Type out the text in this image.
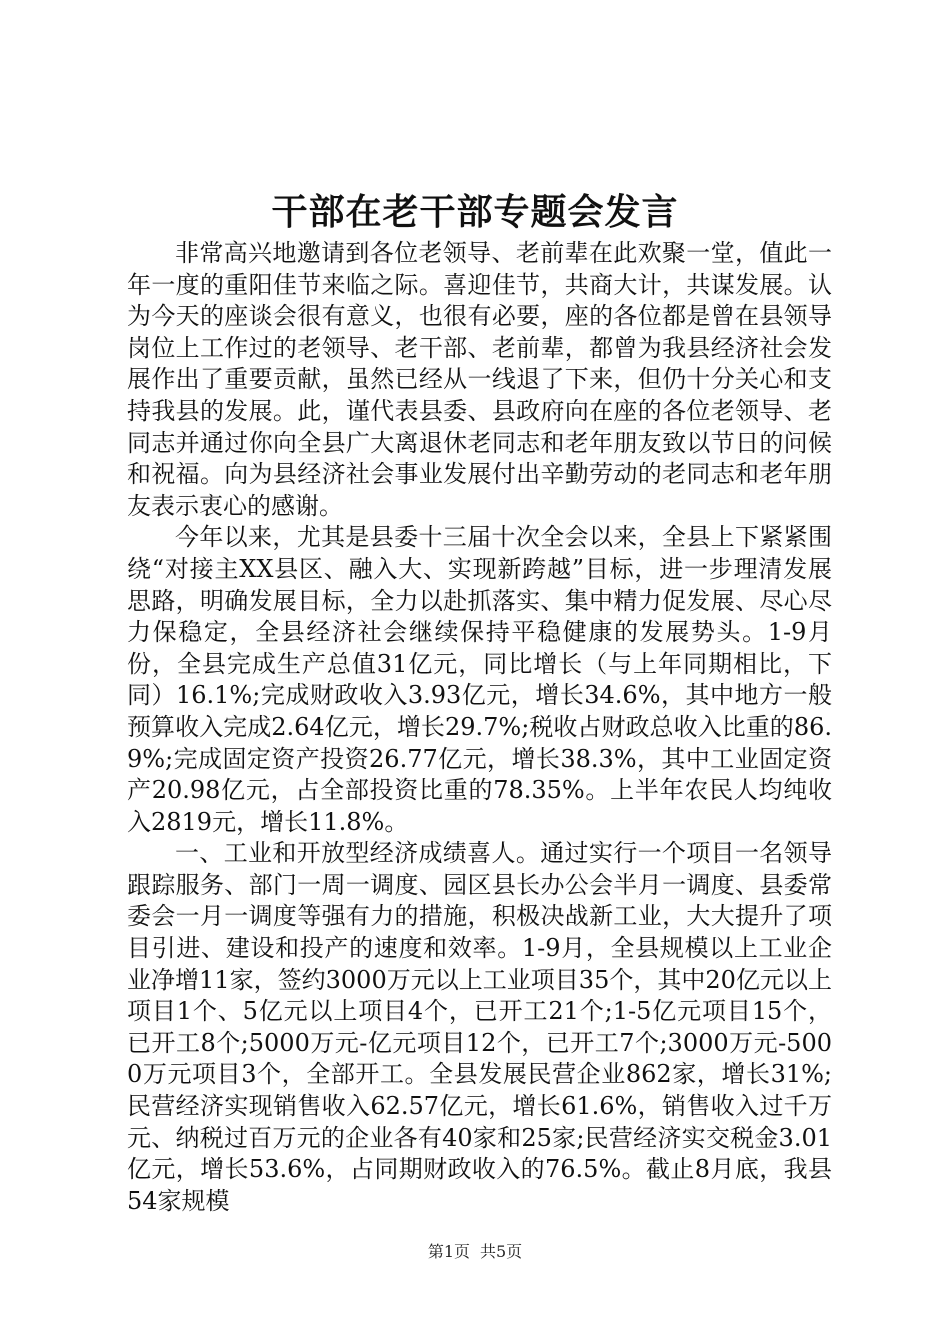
干部在老干部专题会发言

非常高兴地邀请到各位老领导、老前辈在此欢聚一堂，值此一年一度的重阳佳节来临之际。喜迎佳节，共商大计，共谋发展。认为今天的座谈会很有意义，也很有必要，座的各位都是曾在县领导岗位上工作过的老领导、老干部、老前辈，都曾为我县经济社会发展作出了重要贡献，虽然已经从一线退了下来，但仍十分关心和支持我县的发展。此，谨代表县委、县政府向在座的各位老领导、老同志并通过你向全县广大离退休老同志和老年朋友致以节日的问候和祝福。向为县经济社会事业发展付出辛勤劳动的老同志和老年朋友表示衷心的感谢。

今年以来，尤其是县委十三届十次全会以来，全县上下紧紧围绕“对接主XX县区、融入大、实现新跨越”目标，进一步理清发展思路，明确发展目标，全力以赴抓落实、集中精力促发展、尽心尽力保稳定，全县经济社会继续保持平稳健康的发展势头。1-9月份，全县完成生产总值31亿元，同比增长（与上年同期相比，下同）16.1%;完成财政收入3.93亿元，增长34.6%，其中地方一般预算收入完成2.64亿元，增长29.7%;税收占财政总收入比重的86.9%;完成固定资产投资26.77亿元，增长38.3%，其中工业固定资产20.98亿元，占全部投资比重的78.35%。上半年农民人均纯收入2819元，增长11.8%。

一、工业和开放型经济成绩喜人。通过实行一个项目一名领导跟踪服务、部门一周一调度、园区县长办公会半月一调度、县委常委会一月一调度等强有力的措施，积极决战新工业，大大提升了项目引进、建设和投产的速度和效率。1-9月，全县规模以上工业企业净增11家，签约3000万元以上工业项目35个，其中20亿元以上项目1个、5亿元以上项目4个，已开工21个;1-5亿元项目15个，已开工8个;5000万元-亿元项目12个，已开工7个;3000万元-5000万元项目3个，全部开工。全县发展民营企业862家，增长31%;民营经济实现销售收入62.57亿元，增长61.6%，销售收入过千万元、纳税过百万元的企业各有40家和25家;民营经济实交税金3.01亿元，增长53.6%，占同期财政收入的76.5%。截止8月底，我县54家规模

第1页 共5页
